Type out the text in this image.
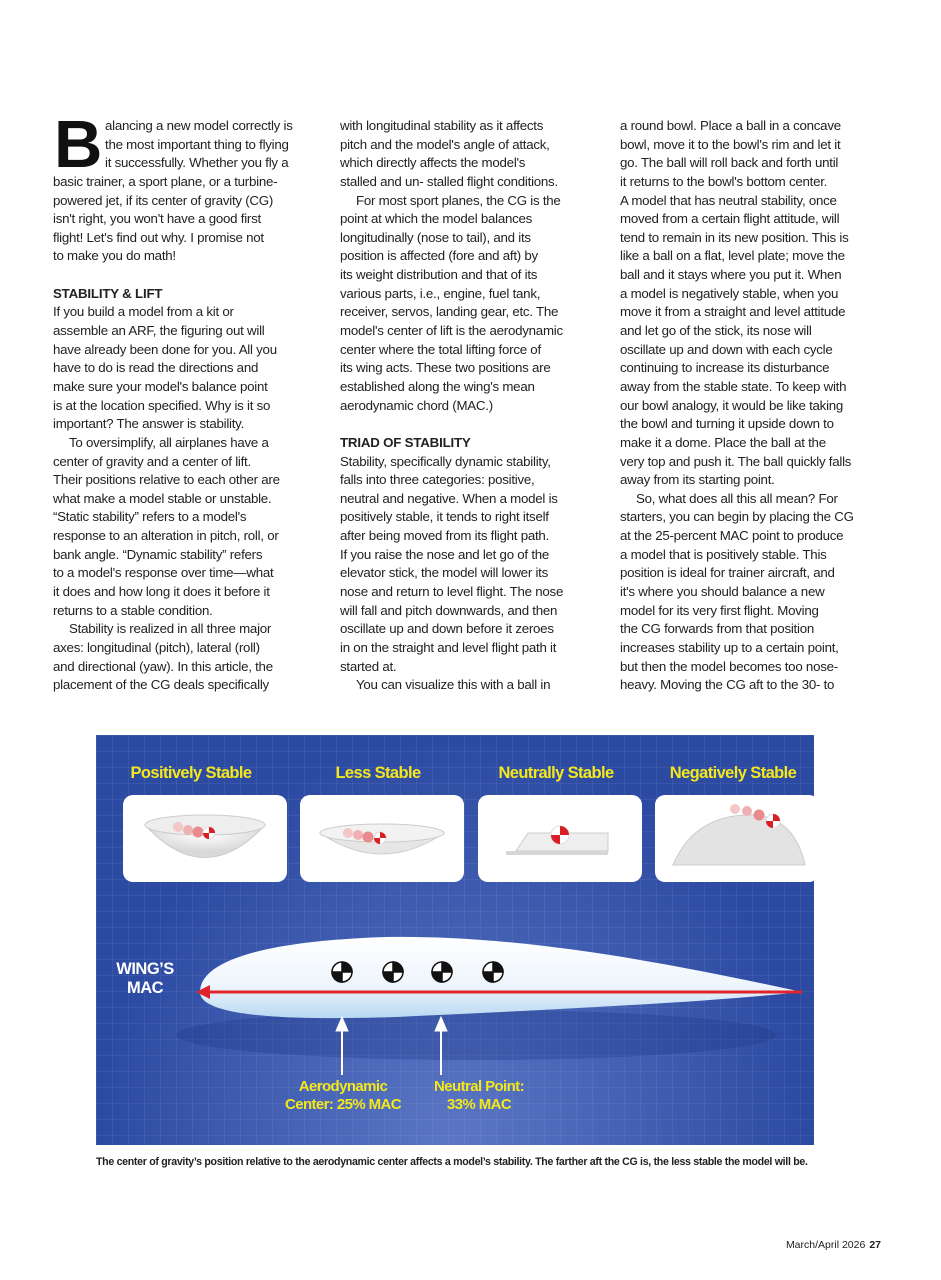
alancing a new model correctly is
the most important thing to flying
it successfully. Whether you fly a
basic trainer, a sport plane, or a turbine-
powered jet, if its center of gravity (CG)
isn't right, you won't have a good first
flight! Let's find out why. I promise not
to make you do math!
STABILITY & LIFT
If you build a model from a kit or
assemble an ARF, the figuring out will
have already been done for you. All you
have to do is read the directions and
make sure your model's balance point
is at the location specified. Why is it so
important? The answer is stability.
To oversimplify, all airplanes have a
center of gravity and a center of lift.
Their positions relative to each other are
what make a model stable or unstable.
“Static stability” refers to a model's
response to an alteration in pitch, roll, or
bank angle. “Dynamic stability” refers
to a model's response over time—what
it does and how long it does it before it
returns to a stable condition.
Stability is realized in all three major
axes: longitudinal (pitch), lateral (roll)
and directional (yaw). In this article, the
placement of the CG deals specifically
B	with longitudinal stability as it affects
pitch and the model's angle of attack,
which directly affects the model's
stalled and un- stalled flight conditions.
For most sport planes, the CG is the
point at which the model balances
longitudinally (nose to tail), and its
position is affected (fore and aft) by
its weight distribution and that of its
various parts, i.e., engine, fuel tank,
receiver, servos, landing gear, etc. The
model's center of lift is the aerodynamic
center where the total lifting force of
its wing acts. These two positions are
established along the wing's mean
aerodynamic chord (MAC.)
TRIAD OF STABILITY
Stability, specifically dynamic stability,
falls into three categories: positive,
neutral and negative. When a model is
positively stable, it tends to right itself
after being moved from its flight path.
If you raise the nose and let go of the
elevator stick, the model will lower its
nose and return to level flight. The nose
will fall and pitch downwards, and then
oscillate up and down before it zeroes
in on the straight and level flight path it
started at.
You can visualize this with a ball in
a round bowl. Place a ball in a concave
bowl, move it to the bowl's rim and let it
go. The ball will roll back and forth until
it returns to the bowl's bottom center.
A model that has neutral stability, once
moved from a certain flight attitude, will
tend to remain in its new position. This is
like a ball on a flat, level plate; move the
ball and it stays where you put it. When
a model is negatively stable, when you
move it from a straight and level attitude
and let go of the stick, its nose will
oscillate up and down with each cycle
continuing to increase its disturbance
away from the stable state. To keep with
our bowl analogy, it would be like taking
the bowl and turning it upside down to
make it a dome. Place the ball at the
very top and push it. The ball quickly falls
away from its starting point.
So, what does all this all mean? For
starters, you can begin by placing the CG
at the 25-percent MAC point to produce
a model that is positively stable. This
position is ideal for trainer aircraft, and
it's where you should balance a new
model for its very first flight. Moving
the CG forwards from that position
increases stability up to a certain point,
but then the model becomes too nose-
heavy. Moving the CG aft to the 30- to
Positively Stable	Less Stable	Neutrally Stable	Negatively Stable
WING’S
MAC
Aerodynamic
Center: 25% MAC
Neutral Point:
33% MAC
The center of gravity’s position relative to the aerodynamic center affects a model’s stability. The farther aft the CG is, the less stable the model will be.
March/April 2026 27
